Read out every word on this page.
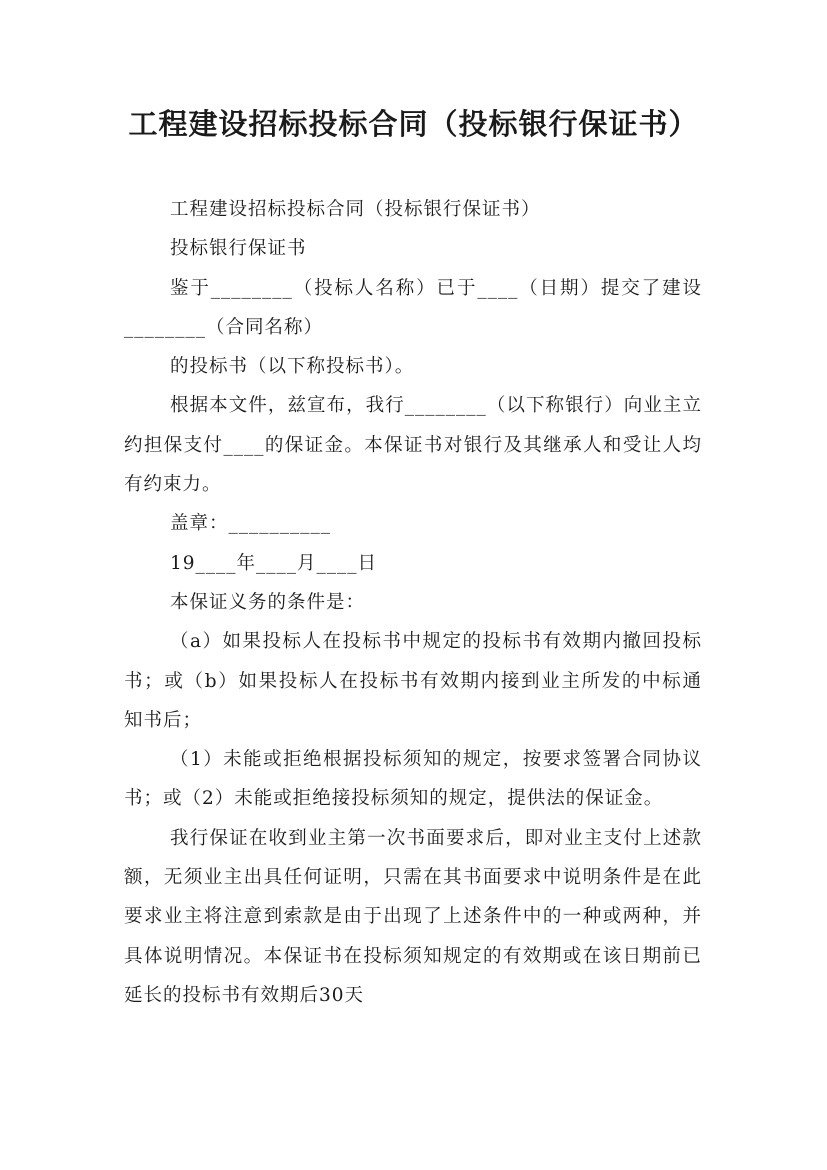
工程建设招标投标合同（投标银行保证书）

工程建设招标投标合同（投标银行保证书）

投标银行保证书

鉴于________（投标人名称）已于____（日期）提交了建设________（合同名称）

的投标书（以下称投标书）。

根据本文件，兹宣布，我行________（以下称银行）向业主立约担保支付____的保证金。本保证书对银行及其继承人和受让人均有约束力。

盖章：__________

19____年____月____日

本保证义务的条件是：

（a）如果投标人在投标书中规定的投标书有效期内撤回投标书；或（b）如果投标人在投标书有效期内接到业主所发的中标通知书后；

（1）未能或拒绝根据投标须知的规定，按要求签署合同协议书；或（2）未能或拒绝接投标须知的规定，提供法的保证金。

我行保证在收到业主第一次书面要求后，即对业主支付上述款额，无须业主出具任何证明，只需在其书面要求中说明条件是在此要求业主将注意到索款是由于出现了上述条件中的一种或两种，并具体说明情况。本保证书在投标须知规定的有效期或在该日期前已延长的投标书有效期后30天
